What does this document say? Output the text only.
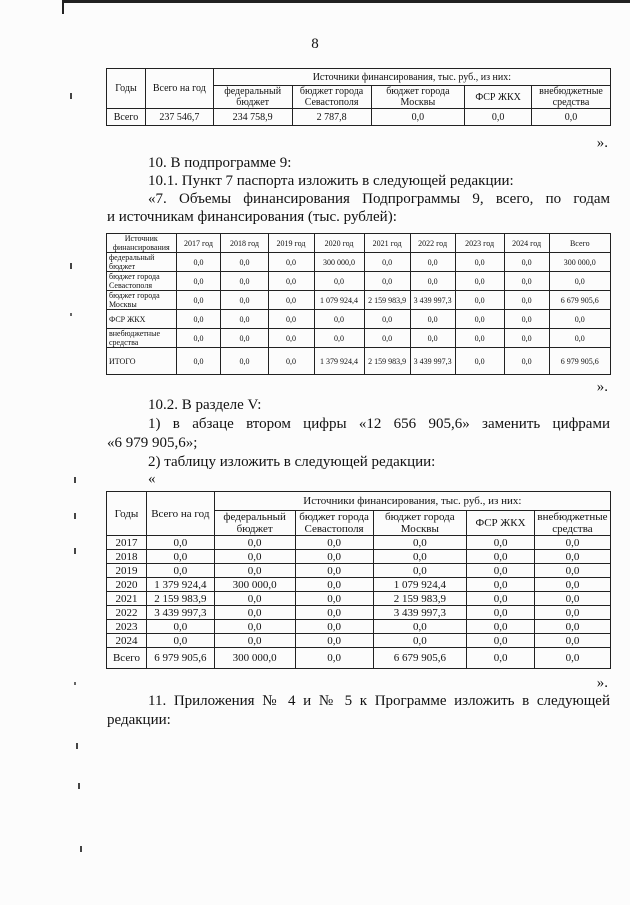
8
Годы	Всего на год	Источники финансирования, тыс. руб., из них:				
		федеральный бюджет	бюджет города Севастополя	бюджет города Москвы	ФСР ЖКХ	внебюджетные средства
Всего	237 546,7	234 758,9	2 787,8	0,0	0,0	0,0
».
10. В подпрограмме 9:
10.1. Пункт 7 паспорта изложить в следующей редакции:
«7. Объемы финансирования Подпрограммы 9, всего, по годам
и источникам финансирования (тыс. рублей):
Источник финансирования	2017 год	2018 год	2019 год	2020 год	2021 год	2022 год	2023 год	2024 год	Всего
федеральный бюджет	0,0	0,0	0,0	300 000,0	0,0	0,0	0,0	0,0	300 000,0
бюджет города Севастополя	0,0	0,0	0,0	0,0	0,0	0,0	0,0	0,0	0,0
бюджет города Москвы	0,0	0,0	0,0	1 079 924,4	2 159 983,9	3 439 997,3	0,0	0,0	6 679 905,6
ФСР ЖКХ	0,0	0,0	0,0	0,0	0,0	0,0	0,0	0,0	0,0
внебюджетные средства	0,0	0,0	0,0	0,0	0,0	0,0	0,0	0,0	0,0
ИТОГО	0,0	0,0	0,0	1 379 924,4	2 159 983,9	3 439 997,3	0,0	0,0	6 979 905,6
».
10.2. В разделе V:
1) в абзаце втором цифры «12 656 905,6» заменить цифрами
«6 979 905,6»;
2) таблицу изложить в следующей редакции:
«
Годы	Всего на год	Источники финансирования, тыс. руб., из них:				
		федеральный бюджет	бюджет города Севастополя	бюджет города Москвы	ФСР ЖКХ	внебюджетные средства
2017	0,0	0,0	0,0	0,0	0,0	0,0
2018	0,0	0,0	0,0	0,0	0,0	0,0
2019	0,0	0,0	0,0	0,0	0,0	0,0
2020	1 379 924,4	300 000,0	0,0	1 079 924,4	0,0	0,0
2021	2 159 983,9	0,0	0,0	2 159 983,9	0,0	0,0
2022	3 439 997,3	0,0	0,0	3 439 997,3	0,0	0,0
2023	0,0	0,0	0,0	0,0	0,0	0,0
2024	0,0	0,0	0,0	0,0	0,0	0,0
Всего	6 979 905,6	300 000,0	0,0	6 679 905,6	0,0	0,0
».
11. Приложения № 4 и № 5 к Программе изложить в следующей
редакции:
